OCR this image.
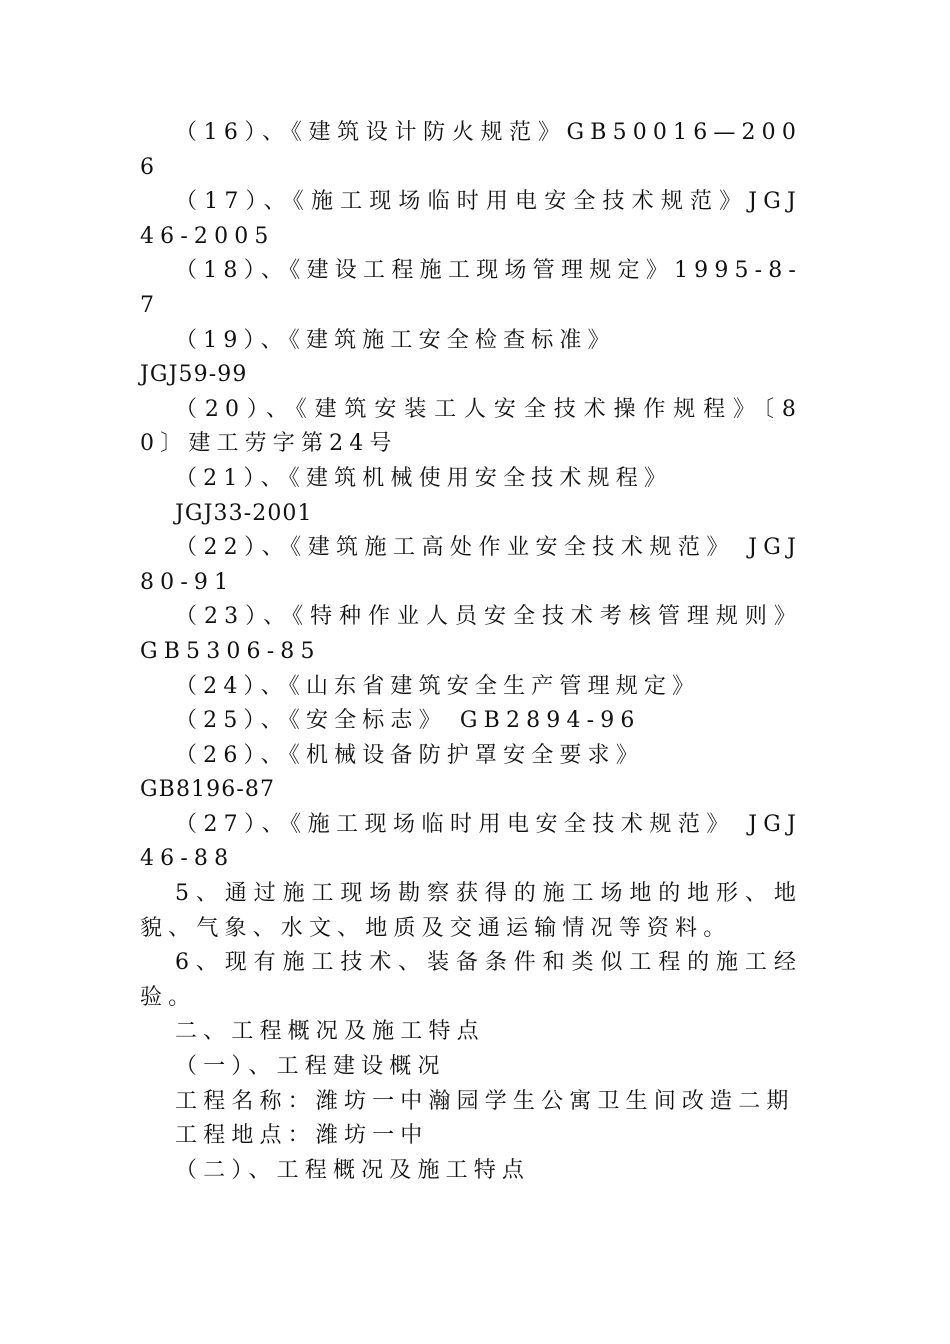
（16）、《建筑设计防火规范》GB50016—2006

（17）、《施工现场临时用电安全技术规范》JGJ46-2005

（18）、《建设工程施工现场管理规定》1995-8-7

（19）、《建筑施工安全检查标准》

JGJ59-99

（20）、《建筑安装工人安全技术操作规程》〔80〕建工劳字第24号

（21）、《建筑机械使用安全技术规程》

JGJ33-2001

（22）、《建筑施工高处作业安全技术规范》 JGJ80-91

（23）、《特种作业人员安全技术考核管理规则》 GB5306-85

（24）、《山东省建筑安全生产管理规定》

（25）、《安全标志》 GB2894-96

（26）、《机械设备防护罩安全要求》

GB8196-87

（27）、《施工现场临时用电安全技术规范》 JGJ46-88

5、通过施工现场勘察获得的施工场地的地形、地貌、气象、水文、地质及交通运输情况等资料。

6、现有施工技术、装备条件和类似工程的施工经验。

二、工程概况及施工特点

（一）、工程建设概况

工程名称：潍坊一中瀚园学生公寓卫生间改造二期

工程地点：潍坊一中

（二）、工程概况及施工特点
